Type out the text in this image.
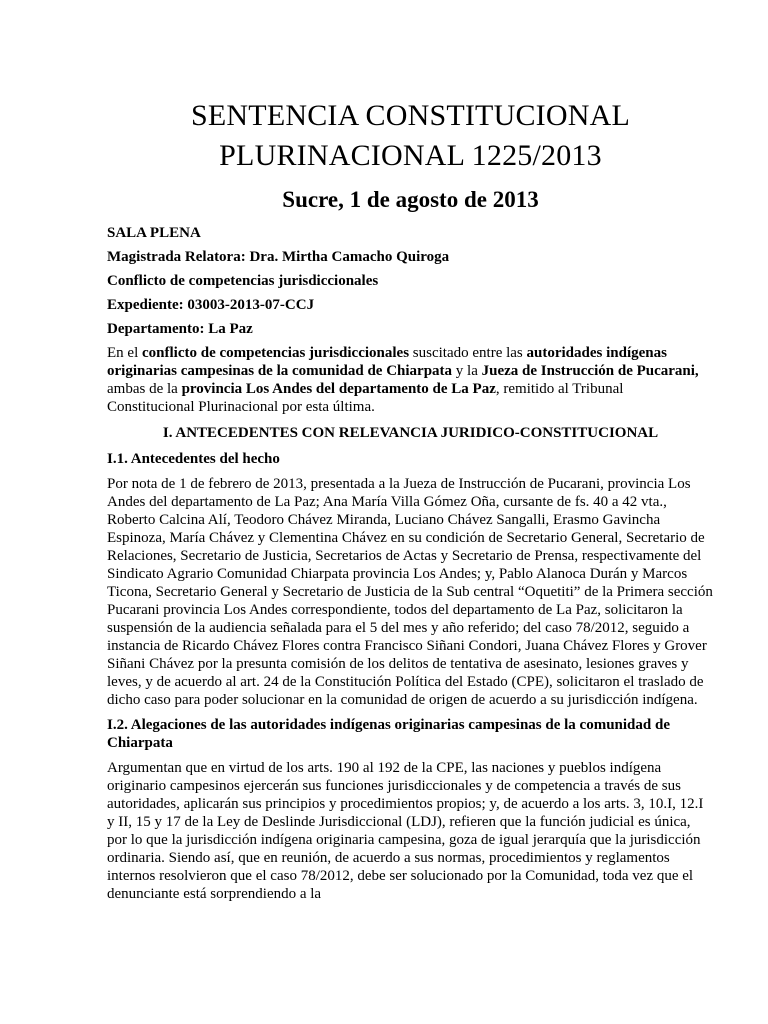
SENTENCIA CONSTITUCIONAL
PLURINACIONAL 1225/2013
Sucre, 1 de agosto de 2013
SALA PLENA
Magistrada Relatora: Dra. Mirtha Camacho Quiroga
Conflicto de competencias jurisdiccionales
Expediente: 03003-2013-07-CCJ
Departamento: La Paz

En el conflicto de competencias jurisdiccionales suscitado entre las autoridades indígenas originarias campesinas de la comunidad de Chiarpata y la Jueza de Instrucción de Pucarani, ambas de la provincia Los Andes del departamento de La Paz, remitido al Tribunal Constitucional Plurinacional por esta última.

I. ANTECEDENTES CON RELEVANCIA JURIDICO-CONSTITUCIONAL
I.1. Antecedentes del hecho

Por nota de 1 de febrero de 2013, presentada a la Jueza de Instrucción de Pucarani, provincia Los Andes del departamento de La Paz; Ana María Villa Gómez Oña, cursante de fs. 40 a 42 vta., Roberto Calcina Alí, Teodoro Chávez Miranda, Luciano Chávez Sangalli, Erasmo Gavincha Espinoza, María Chávez y Clementina Chávez en su condición de Secretario General, Secretario de Relaciones, Secretario de Justicia, Secretarios de Actas y Secretario de Prensa, respectivamente del Sindicato Agrario Comunidad Chiarpata provincia Los Andes; y, Pablo Alanoca Durán y Marcos Ticona, Secretario General y Secretario de Justicia de la Sub central “Oquetiti” de la Primera sección Pucarani provincia Los Andes correspondiente, todos del departamento de La Paz, solicitaron la suspensión de la audiencia señalada para el 5 del mes y año referido; del caso 78/2012, seguido a instancia de Ricardo Chávez Flores contra Francisco Siñani Condori, Juana Chávez Flores y Grover Siñani Chávez por la presunta comisión de los delitos de tentativa de asesinato, lesiones graves y leves, y de acuerdo al art. 24 de la Constitución Política del Estado (CPE), solicitaron el traslado de dicho caso para poder solucionar en la comunidad de origen de acuerdo a su jurisdicción indígena.

I.2. Alegaciones de las autoridades indígenas originarias campesinas de la comunidad de Chiarpata

Argumentan que en virtud de los arts. 190 al 192 de la CPE, las naciones y pueblos indígena originario campesinos ejercerán sus funciones jurisdiccionales y de competencia a través de sus autoridades, aplicarán sus principios y procedimientos propios; y, de acuerdo a los arts. 3, 10.I, 12.I y II, 15 y 17 de la Ley de Deslinde Jurisdiccional (LDJ), refieren que la función judicial es única, por lo que la jurisdicción indígena originaria campesina, goza de igual jerarquía que la jurisdicción ordinaria. Siendo así, que en reunión, de acuerdo a sus normas, procedimientos y reglamentos internos resolvieron que el caso 78/2012, debe ser solucionado por la Comunidad, toda vez que el denunciante está sorprendiendo a la
